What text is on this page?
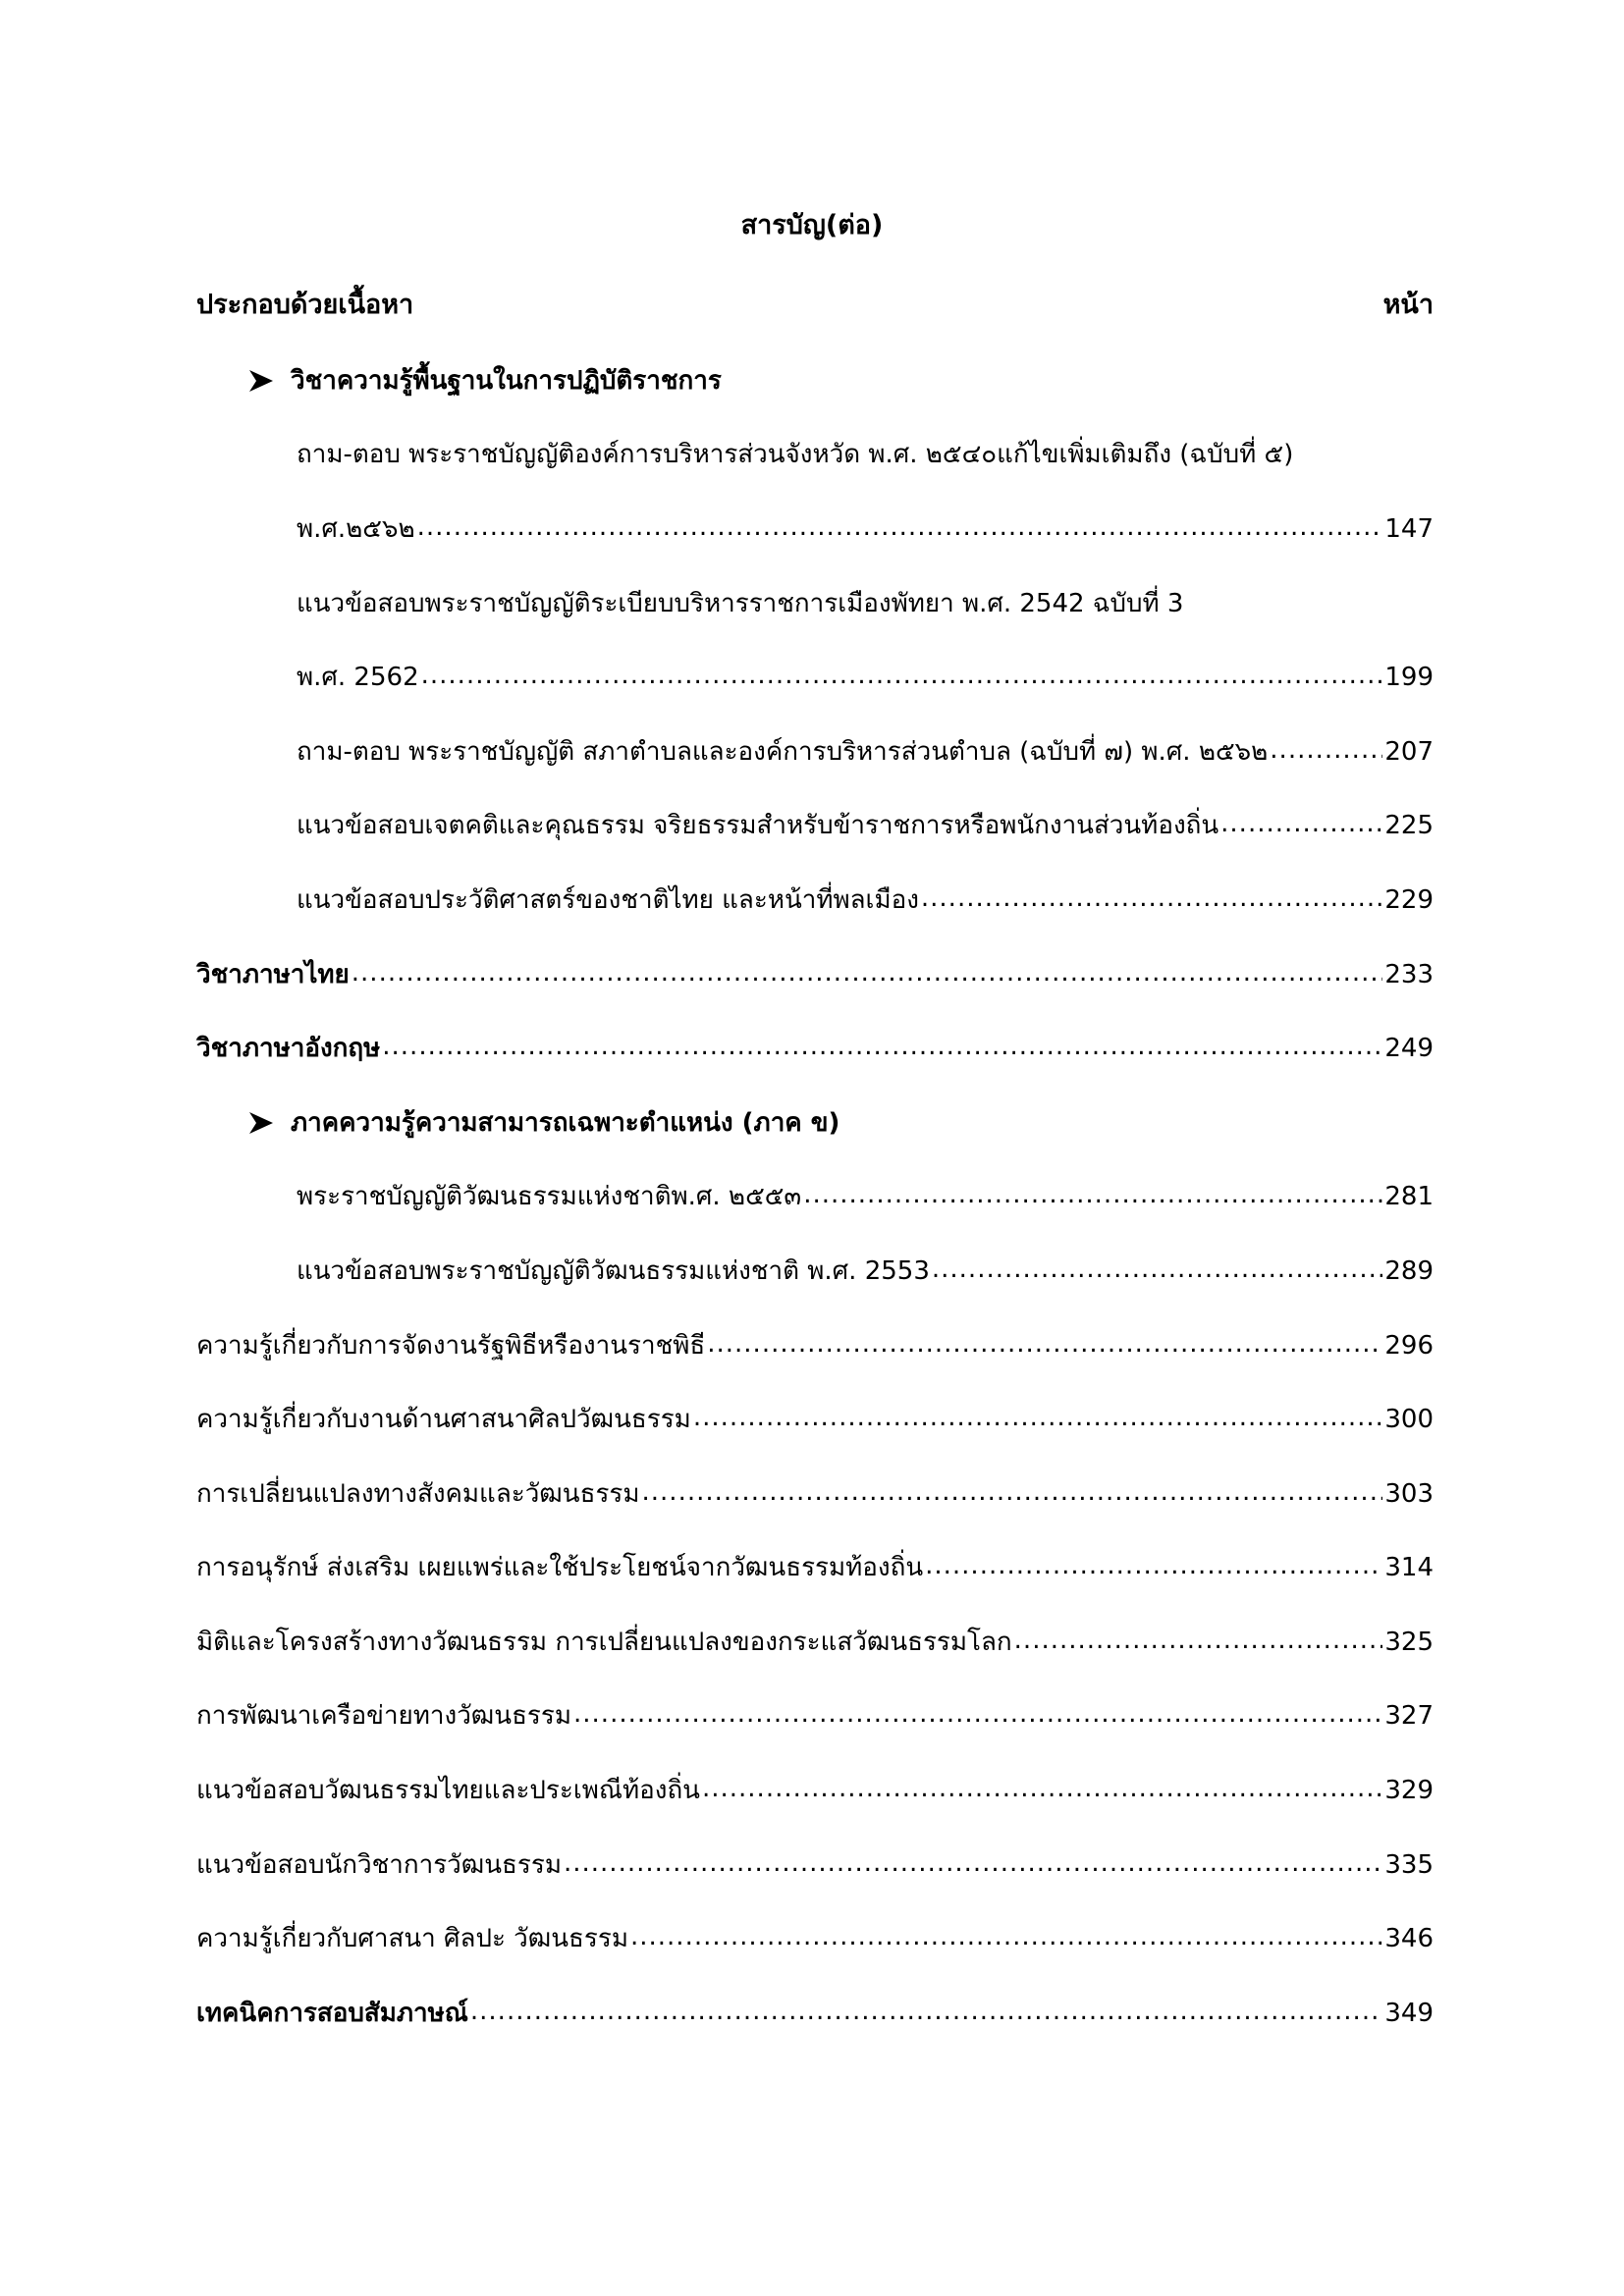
สารบัญ(ต่อ)
ประกอบด้วยเนื้อหา	หน้า
วิชาความรู้พื้นฐานในการปฏิบัติราชการ
ถาม-ตอบ พระราชบัญญัติองค์การบริหารส่วนจังหวัด พ.ศ. ๒๕๔๐แก้ไขเพิ่มเติมถึง (ฉบับที่ ๕)
พ.ศ.๒๕๖๒ .....	147
แนวข้อสอบพระราชบัญญัติระเบียบบริหารราชการเมืองพัทยา พ.ศ. 2542 ฉบับที่ 3
พ.ศ. 2562 .....	199
ถาม-ตอบ พระราชบัญญัติ สภาตำบลและองค์การบริหารส่วนตำบล (ฉบับที่ ๗) พ.ศ. ๒๕๖๒ .....	207
แนวข้อสอบเจตคติและคุณธรรม จริยธรรมสำหรับข้าราชการหรือพนักงานส่วนท้องถิ่น .....	225
แนวข้อสอบประวัติศาสตร์ของชาติไทย และหน้าที่พลเมือง .....	229
วิชาภาษาไทย .....	233
วิชาภาษาอังกฤษ .....	249
ภาคความรู้ความสามารถเฉพาะตำแหน่ง (ภาค ข)
พระราชบัญญัติวัฒนธรรมแห่งชาติพ.ศ. ๒๕๕๓ .....	281
แนวข้อสอบพระราชบัญญัติวัฒนธรรมแห่งชาติ พ.ศ. 2553 .....	289
ความรู้เกี่ยวกับการจัดงานรัฐพิธีหรืองานราชพิธี .....	296
ความรู้เกี่ยวกับงานด้านศาสนาศิลปวัฒนธรรม .....	300
การเปลี่ยนแปลงทางสังคมและวัฒนธรรม .....	303
การอนุรักษ์ ส่งเสริม เผยแพร่และใช้ประโยชน์จากวัฒนธรรมท้องถิ่น .....	314
มิติและโครงสร้างทางวัฒนธรรม การเปลี่ยนแปลงของกระแสวัฒนธรรมโลก .....	325
การพัฒนาเครือข่ายทางวัฒนธรรม .....	327
แนวข้อสอบวัฒนธรรมไทยและประเพณีท้องถิ่น .....	329
แนวข้อสอบนักวิชาการวัฒนธรรม .....	335
ความรู้เกี่ยวกับศาสนา ศิลปะ วัฒนธรรม .....	346
เทคนิคการสอบสัมภาษณ์ .....	349
